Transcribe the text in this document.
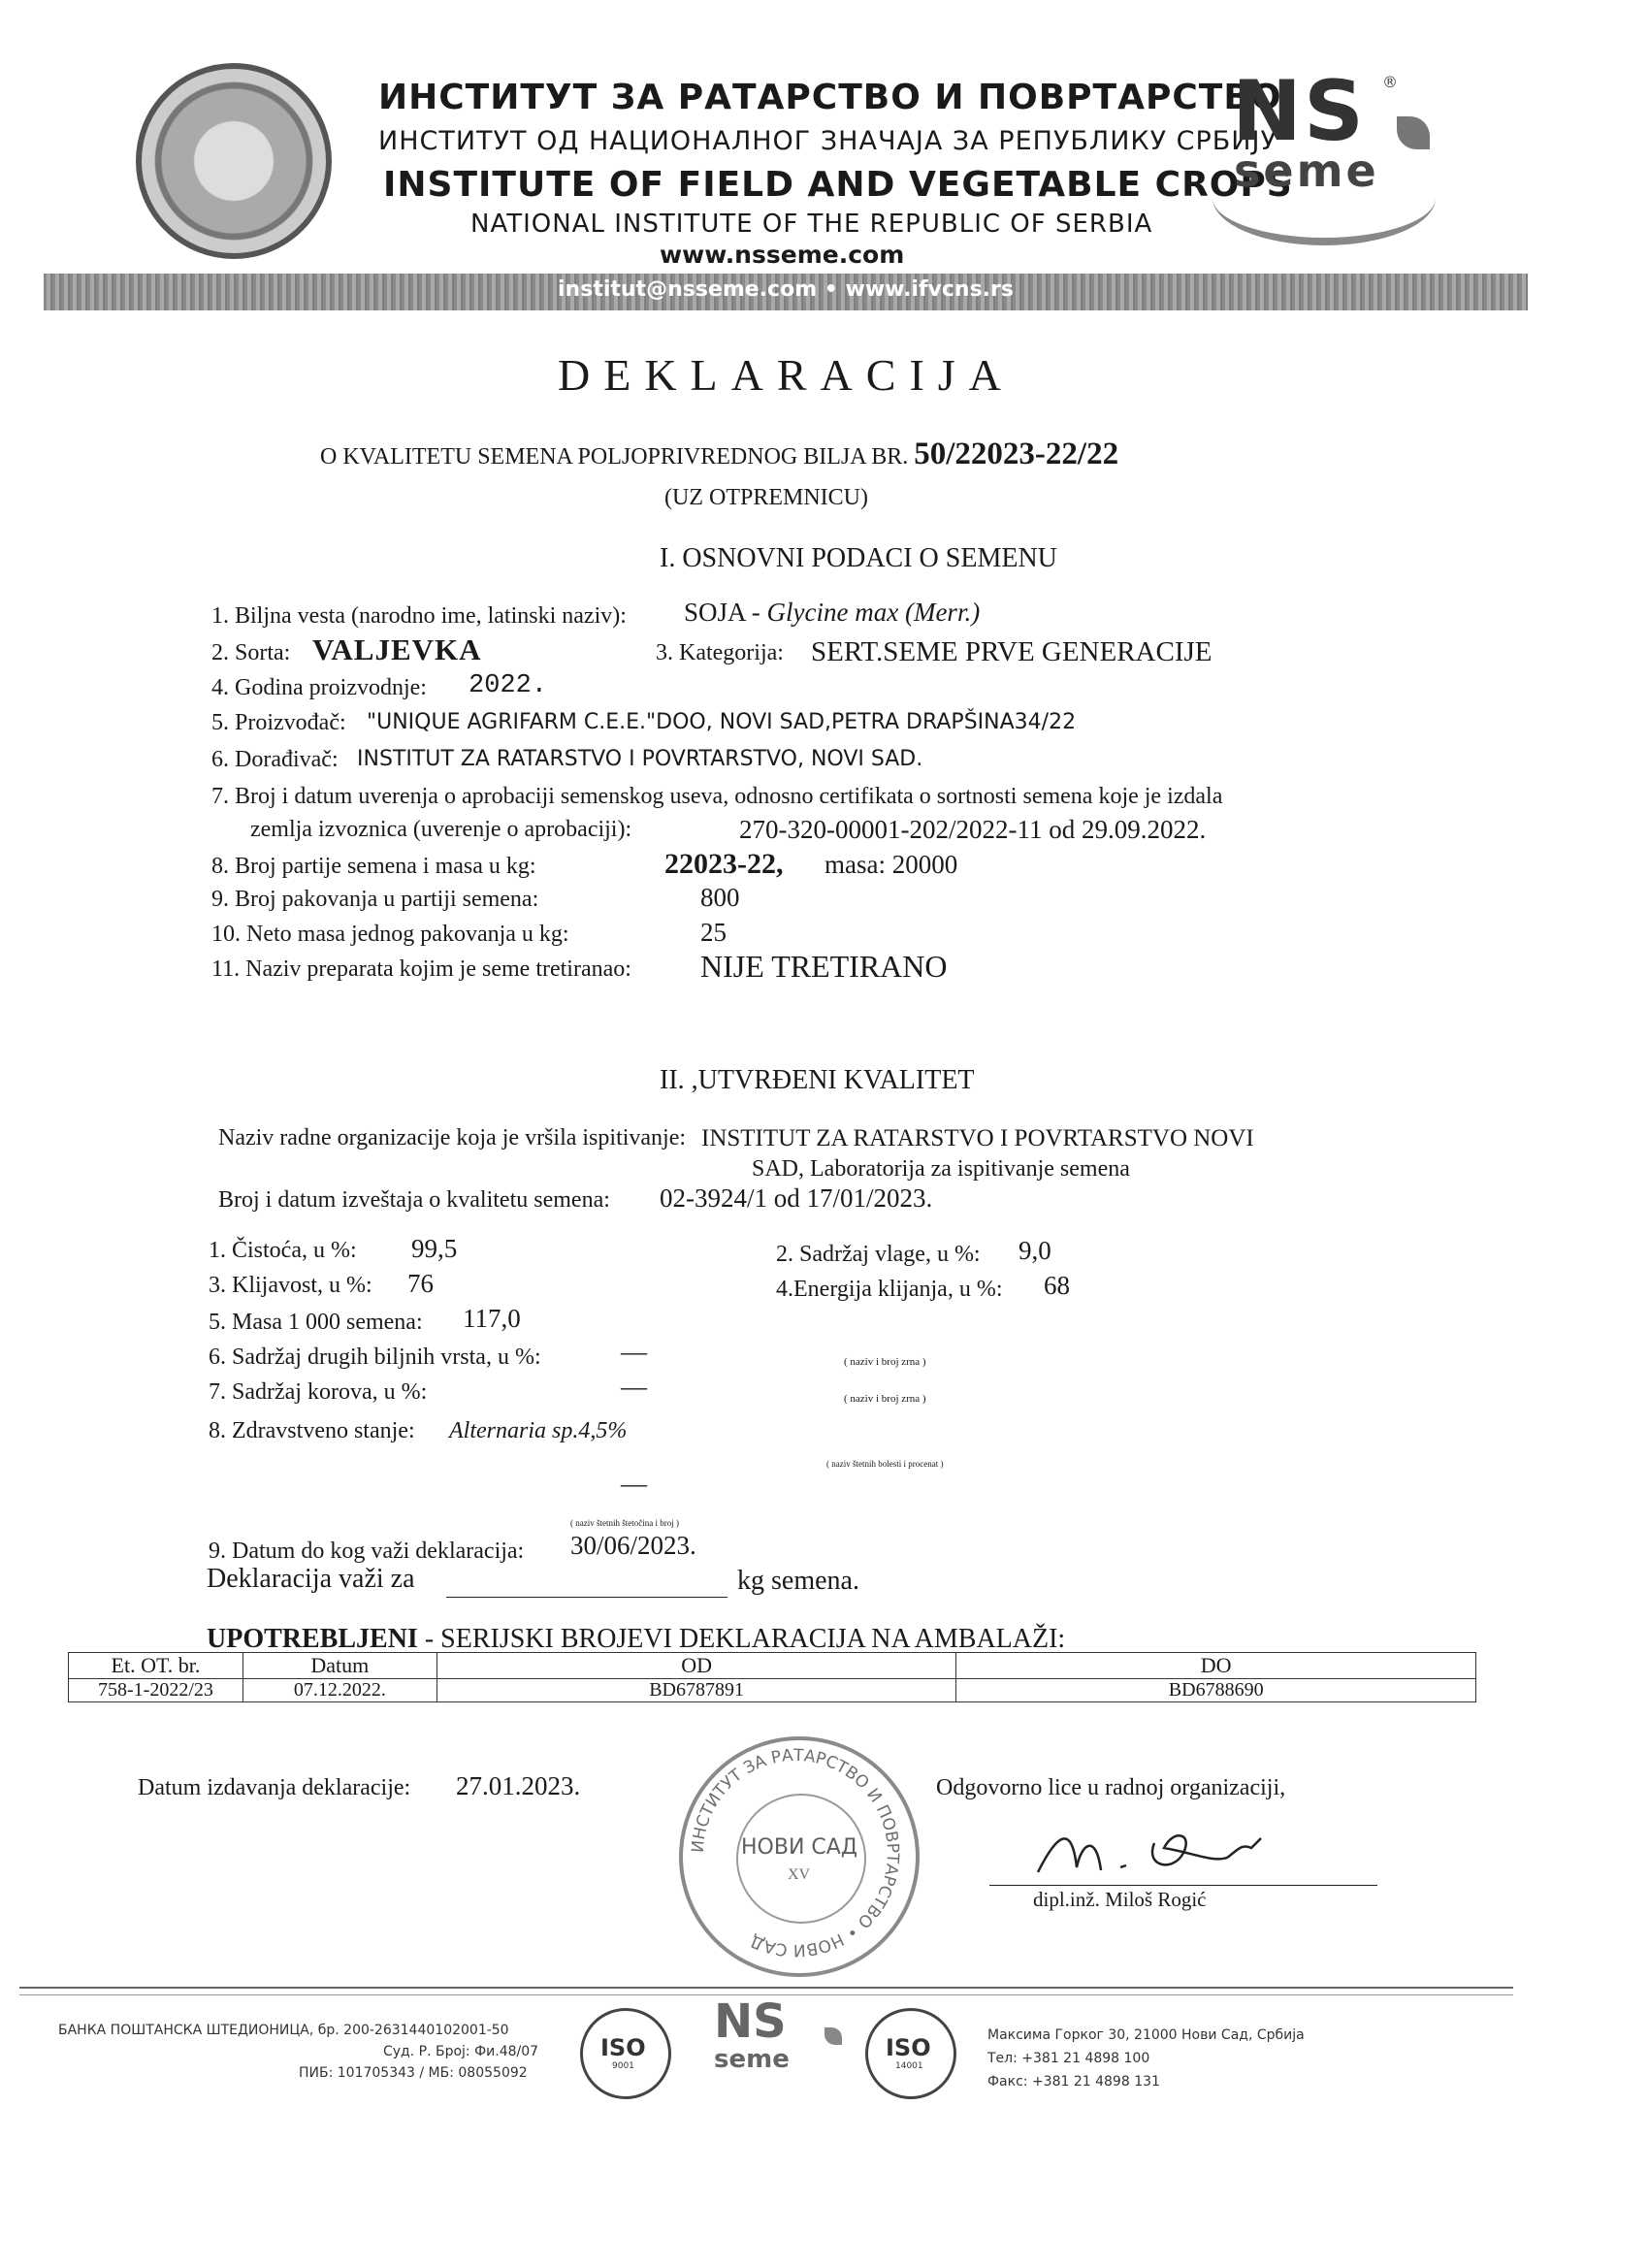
ИНСТИТУТ ЗА РАТАРСТВО И ПОВРТАРСТВО
ИНСТИТУТ ОД НАЦИОНАЛНОГ ЗНАЧАЈА ЗА РЕПУБЛИКУ СРБИЈУ
INSTITUTE OF FIELD AND VEGETABLE CROPS
NATIONAL INSTITUTE OF THE REPUBLIC OF SERBIA
www.nsseme.com
NS ®
seme
institut@nsseme.com • www.ifvcns.rs
DEKLARACIJA
O KVALITETU SEMENA POLJOPRIVREDNOG BILJA BR. 50/22023-22/22
(UZ OTPREMNICU)
I. OSNOVNI PODACI O SEMENU
1. Biljna vesta (narodno ime, latinski naziv): SOJA - Glycine max (Merr.)
2. Sorta: VALJEVKA	3. Kategorija: SERT.SEME PRVE GENERACIJE
4. Godina proizvodnje: 2022.
5. Proizvođač: "UNIQUE AGRIFARM C.E.E."DOO, NOVI SAD,PETRA DRAPŠINA34/22
6. Dorađivač: INSTITUT ZA RATARSTVO I POVRTARSTVO, NOVI SAD.
7. Broj i datum uverenja o aprobaciji semenskog useva, odnosno certifikata o sortnosti semena koje je izdala
zemlja izvoznica (uverenje o aprobaciji):	270-320-00001-202/2022-11 od 29.09.2022.
8. Broj partije semena i masa u kg:	22023-22, masa: 20000
9. Broj pakovanja u partiji semena:	800
10. Neto masa jednog pakovanja u kg:	25
11. Naziv preparata kojim je seme tretiranao: NIJE TRETIRANO
II. ,UTVRĐENI KVALITET
Naziv radne organizacije koja je vršila ispitivanje: INSTITUT ZA RATARSTVO I POVRTARSTVO NOVI
SAD, Laboratorija za ispitivanje semena
Broj i datum izveštaja o kvalitetu semena: 02-3924/1 od 17/01/2023.
1. Čistoća, u %: 99,5	2. Sadržaj vlage, u %: 9,0
3. Klijavost, u %: 76	4.Energija klijanja, u %: 68
5. Masa 1 000 semena: 117,0
6. Sadržaj drugih biljnih vrsta, u %:	—	( naziv i broj zrna )
7. Sadržaj korova, u %:	—	( naziv i broj zrna )
8. Zdravstveno stanje: Alternaria sp.4,5%
( naziv štetnih bolesti i procenat )
—
( naziv štetnih štetočina i broj )
9. Datum do kog važi deklaracija: 30/06/2023.
Deklaracija važi za	kg semena.
UPOTREBLJENI - SERIJSKI BROJEVI DEKLARACIJA NA AMBALAŽI:
Et. OT. br.	Datum	OD	DO
758-1-2022/23	07.12.2022.	BD6787891	BD6788690
Datum izdavanja deklaracije: 27.01.2023.
ИНСТИТУТ ЗА РАТАРСТВО И ПОВРТАРСТВО • НОВИ САД
НОВИ САД
XV
Odgovorno lice u radnoj organizaciji,
dipl.inž. Miloš Rogić
БАНКА ПОШТАНСКА ШТЕДИОНИЦА, бр. 200-2631440102001-50
Суд. Р. Број: Фи.48/07
ПИБ: 101705343 / МБ: 08055092
ISO
9001
NS
seme	ISO
14001
Максима Горког 30, 21000 Нови Сад, Србија
Тел: +381 21 4898 100
Факс: +381 21 4898 131
